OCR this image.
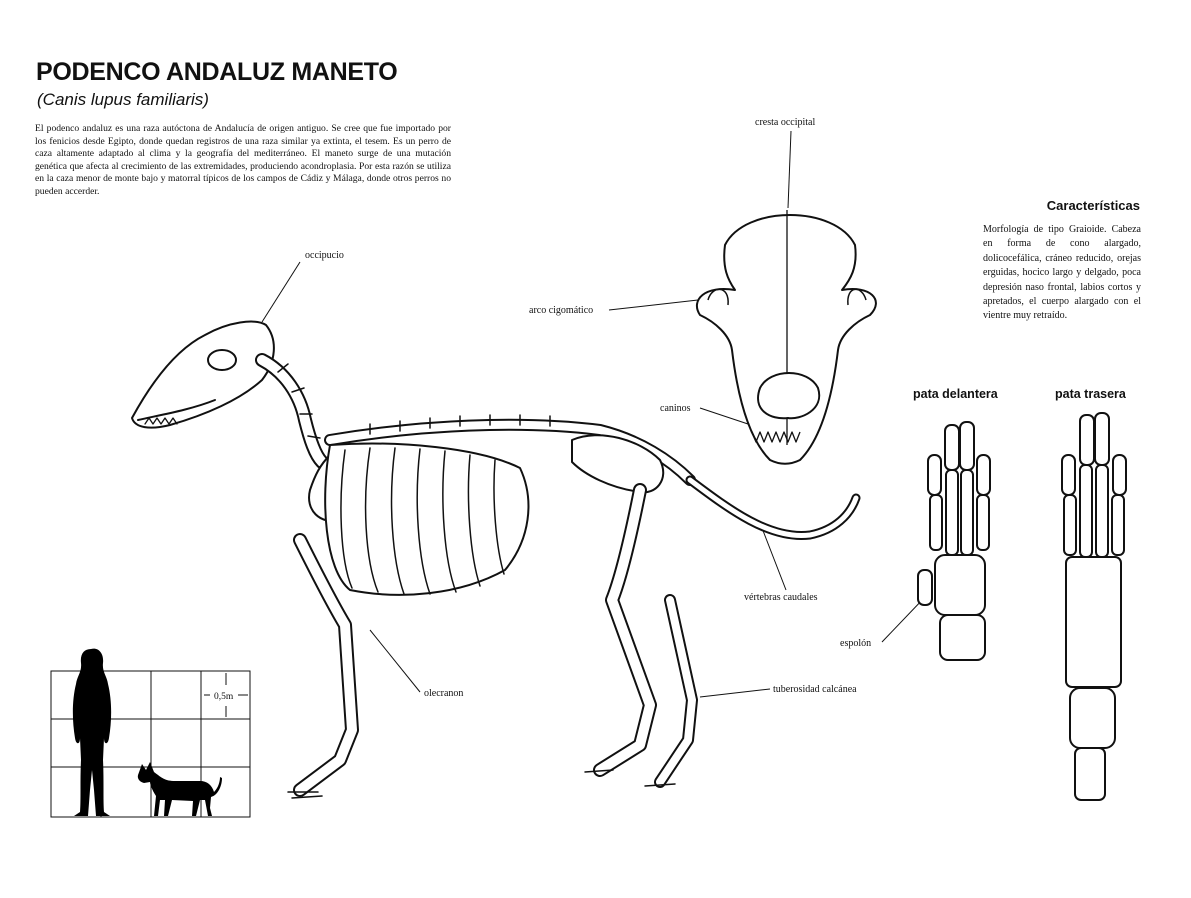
PODENCO ANDALUZ MANETO
(Canis lupus familiaris)

El podenco andaluz es una raza autóctona de Andalucía de origen antiguo. Se cree que fue importado por los fenicios desde Egipto, donde quedan registros de una raza similar ya extinta, el tesem. Es un perro de caza altamente adaptado al clima y la geografía del mediterráneo. El maneto surge de una mutación genética que afecta al crecimiento de las extremidades, produciendo acondroplasia. Por esta razón se utiliza en la caza menor de monte bajo y matorral típicos de los campos de Cádiz y Málaga, donde otros perros no pueden accerder.

Características

Morfología de tipo Graioide. Cabeza en forma de cono alargado, dolicocefálica, cráneo reducido, orejas erguidas, hocico largo y delgado, poca depresión naso frontal, labios cortos y apretados, el cuerpo alargado con el vientre muy retraído.

pata delantera	pata trasera
occipucio
cresta occipital
arco cigomático
caninos
vértebras caudales
olecranon	tuberosidad calcánea
espolón
0,5m
